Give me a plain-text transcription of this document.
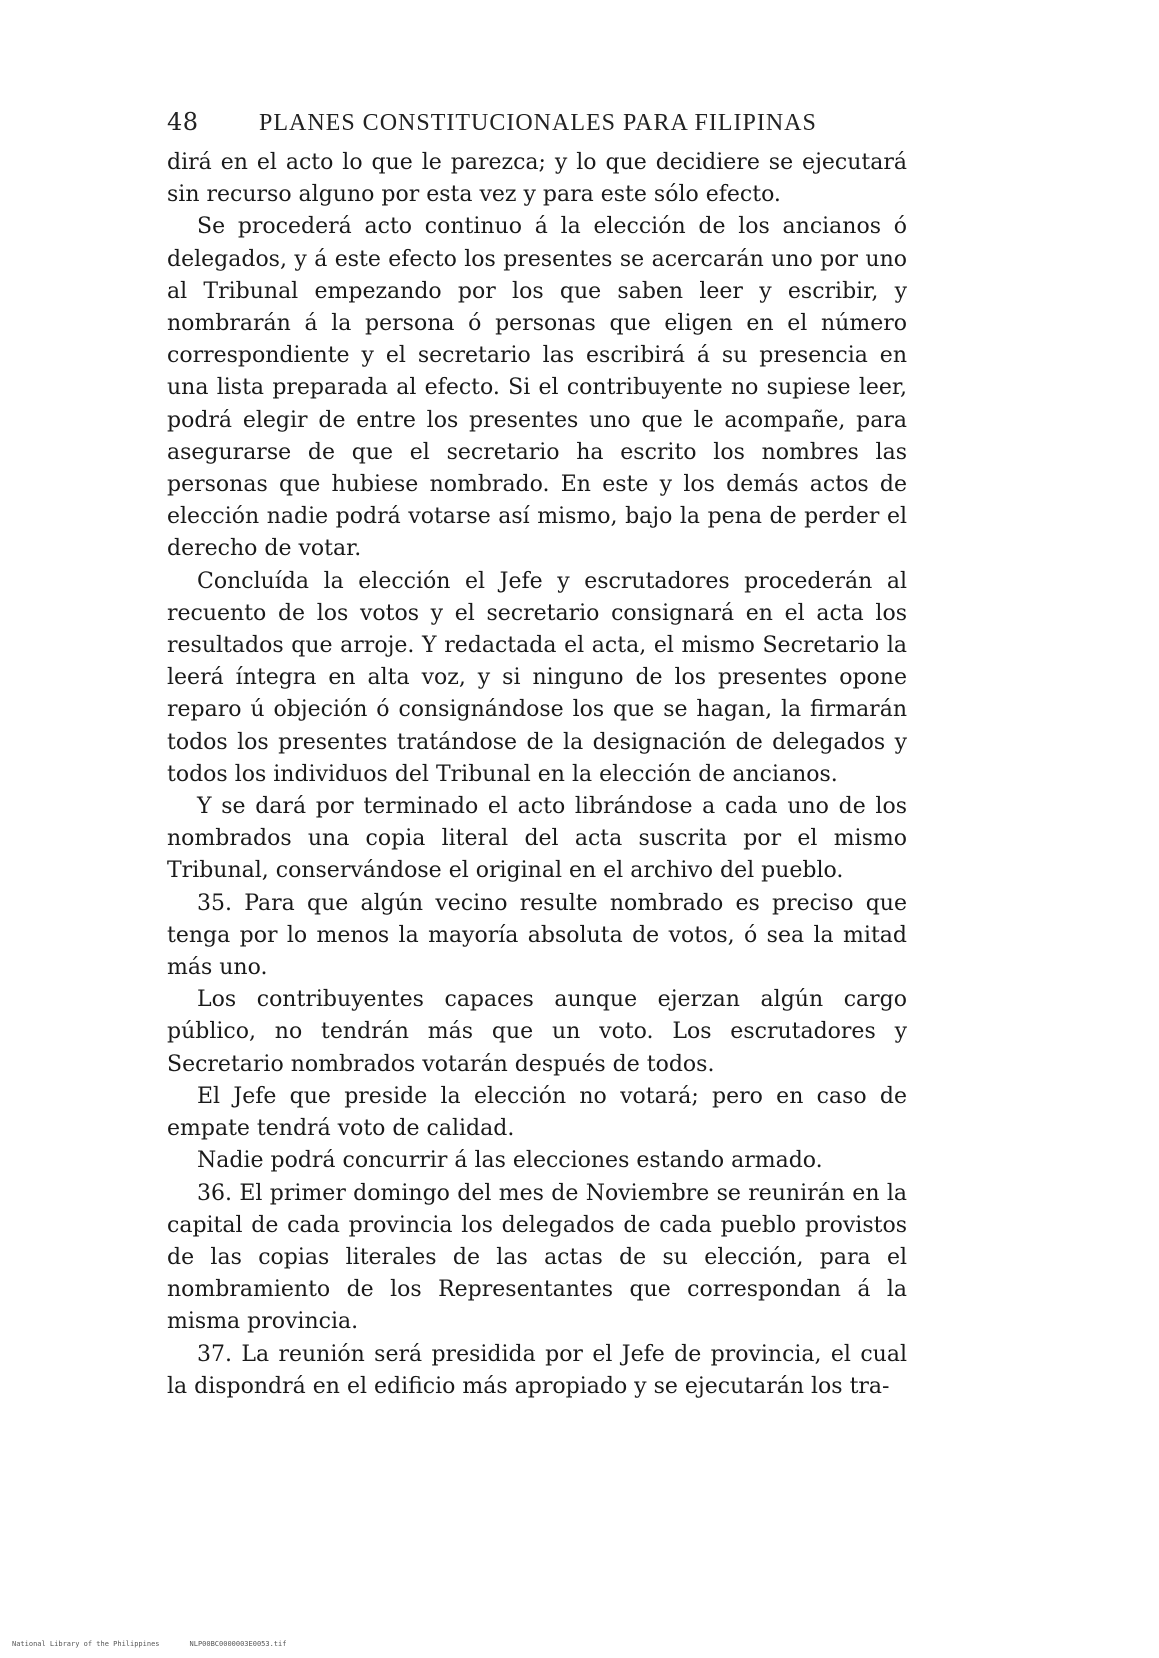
48	PLANES CONSTITUCIONALES PARA FILIPINAS

dirá en el acto lo que le parezca; y lo que decidiere se ejecutará sin recurso alguno por esta vez y para este sólo efecto.

Se procederá acto continuo á la elección de los ancianos ó delegados, y á este efecto los presentes se acercarán uno por uno al Tribunal empezando por los que saben leer y escribir, y nombrarán á la persona ó personas que eligen en el número correspondiente y el secretario las escribirá á su presencia en una lista preparada al efecto. Si el contribuyente no supiese leer, podrá elegir de entre los presentes uno que le acompañe, para asegurarse de que el secretario ha escrito los nombres las personas que hubiese nombrado. En este y los demás actos de elección nadie podrá votarse así mismo, bajo la pena de perder el derecho de votar.

Concluída la elección el Jefe y escrutadores procederán al recuento de los votos y el secretario consignará en el acta los resultados que arroje. Y redactada el acta, el mismo Secretario la leerá íntegra en alta voz, y si ninguno de los presentes opone reparo ú objeción ó consignándose los que se hagan, la firmarán todos los presentes tratándose de la designación de delegados y todos los individuos del Tribunal en la elección de ancianos.

Y se dará por terminado el acto librándose a cada uno de los nombrados una copia literal del acta suscrita por el mismo Tribunal, conservándose el original en el archivo del pueblo.

35. Para que algún vecino resulte nombrado es preciso que tenga por lo menos la mayoría absoluta de votos, ó sea la mitad más uno.

Los contribuyentes capaces aunque ejerzan algún cargo público, no tendrán más que un voto. Los escrutadores y Secretario nombrados votarán después de todos.

El Jefe que preside la elección no votará; pero en caso de empate tendrá voto de calidad.

Nadie podrá concurrir á las elecciones estando armado.

36. El primer domingo del mes de Noviembre se reunirán en la capital de cada provincia los delegados de cada pueblo provistos de las copias literales de las actas de su elección, para el nombramiento de los Representantes que correspondan á la misma provincia.

37. La reunión será presidida por el Jefe de provincia, el cual la dispondrá en el edificio más apropiado y se ejecutarán los tra-

National Library of the Philippines	NLP00BC0000003E0053.tif
